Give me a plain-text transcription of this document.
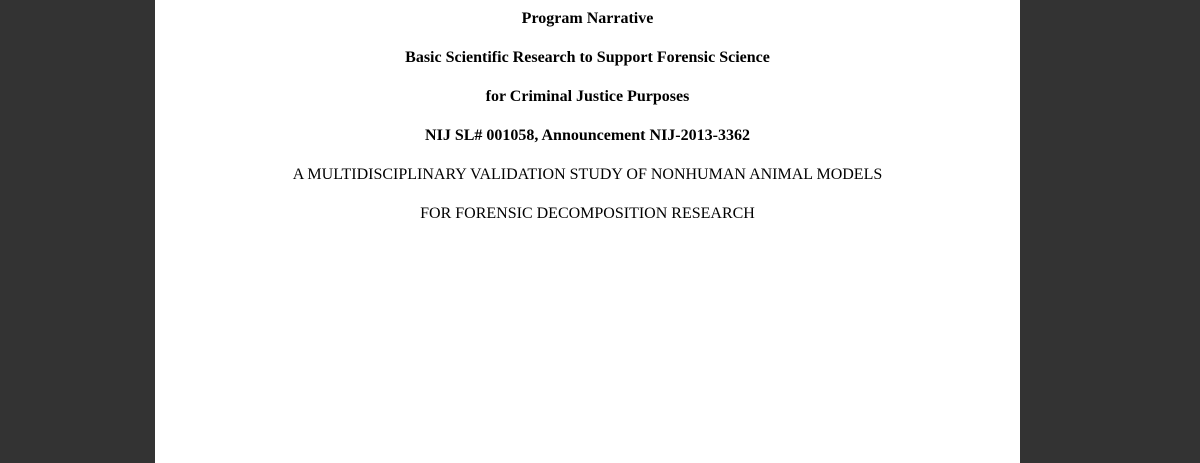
Program Narrative
Basic Scientific Research to Support Forensic Science
for Criminal Justice Purposes
NIJ SL# 001058, Announcement NIJ-2013-3362
A MULTIDISCIPLINARY VALIDATION STUDY OF NONHUMAN ANIMAL MODELS
FOR FORENSIC DECOMPOSITION RESEARCH
